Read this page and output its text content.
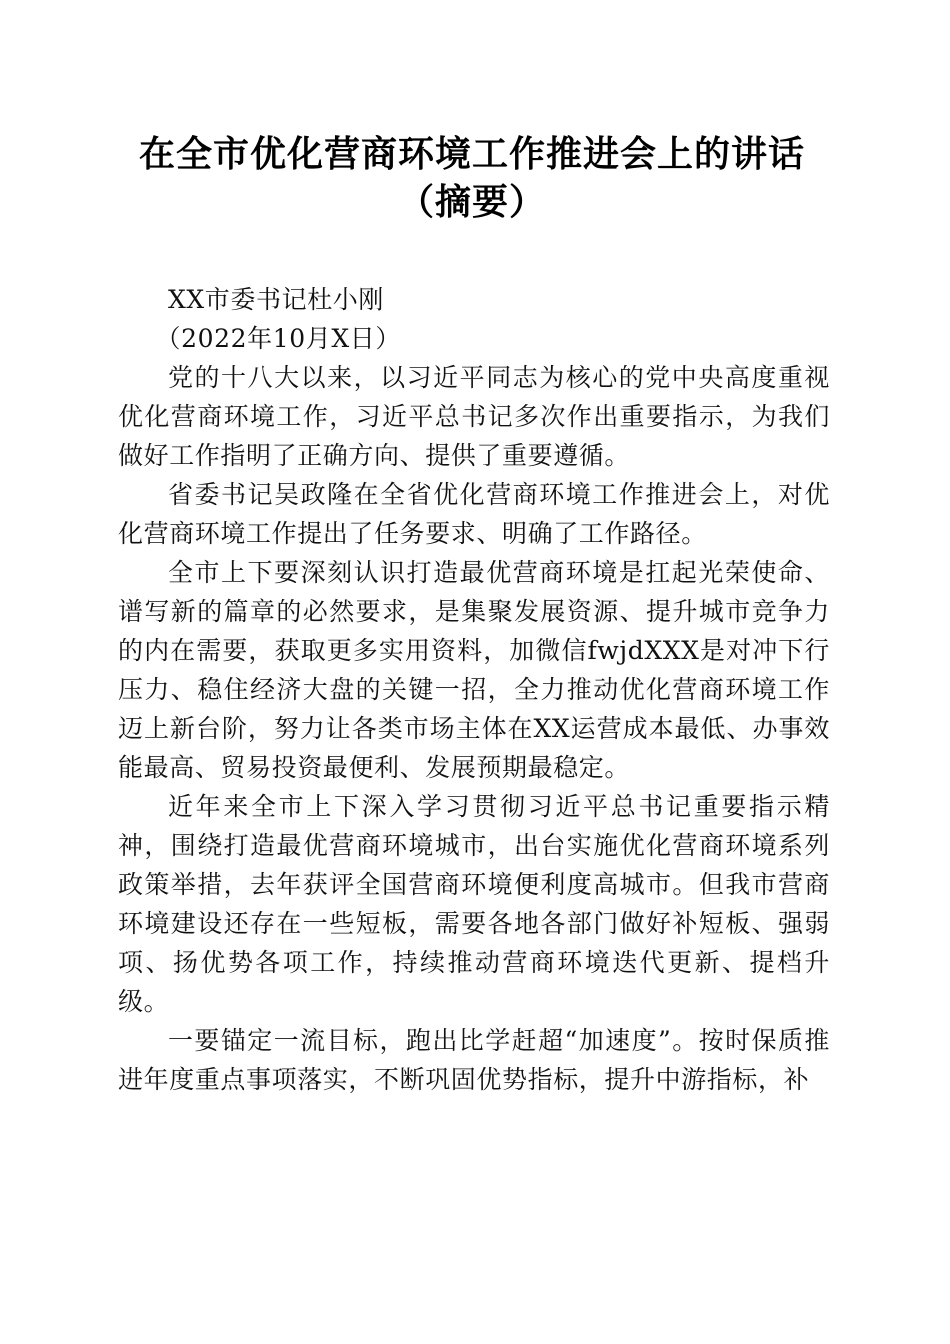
在全市优化营商环境工作推进会上的讲话（摘要）

XX市委书记杜小刚

（2022年10月X日）

党的十八大以来，以习近平同志为核心的党中央高度重视优化营商环境工作，习近平总书记多次作出重要指示，为我们做好工作指明了正确方向、提供了重要遵循。

省委书记吴政隆在全省优化营商环境工作推进会上，对优化营商环境工作提出了任务要求、明确了工作路径。

全市上下要深刻认识打造最优营商环境是扛起光荣使命、谱写新的篇章的必然要求，是集聚发展资源、提升城市竞争力的内在需要，获取更多实用资料，加微信fwjdXXX是对冲下行压力、稳住经济大盘的关键一招，全力推动优化营商环境工作迈上新台阶，努力让各类市场主体在XX运营成本最低、办事效能最高、贸易投资最便利、发展预期最稳定。

近年来全市上下深入学习贯彻习近平总书记重要指示精神，围绕打造最优营商环境城市，出台实施优化营商环境系列政策举措，去年获评全国营商环境便利度高城市。但我市营商环境建设还存在一些短板，需要各地各部门做好补短板、强弱项、扬优势各项工作，持续推动营商环境迭代更新、提档升级。

一要锚定一流目标，跑出比学赶超“加速度”。按时保质推进年度重点事项落实，不断巩固优势指标，提升中游指标，补
